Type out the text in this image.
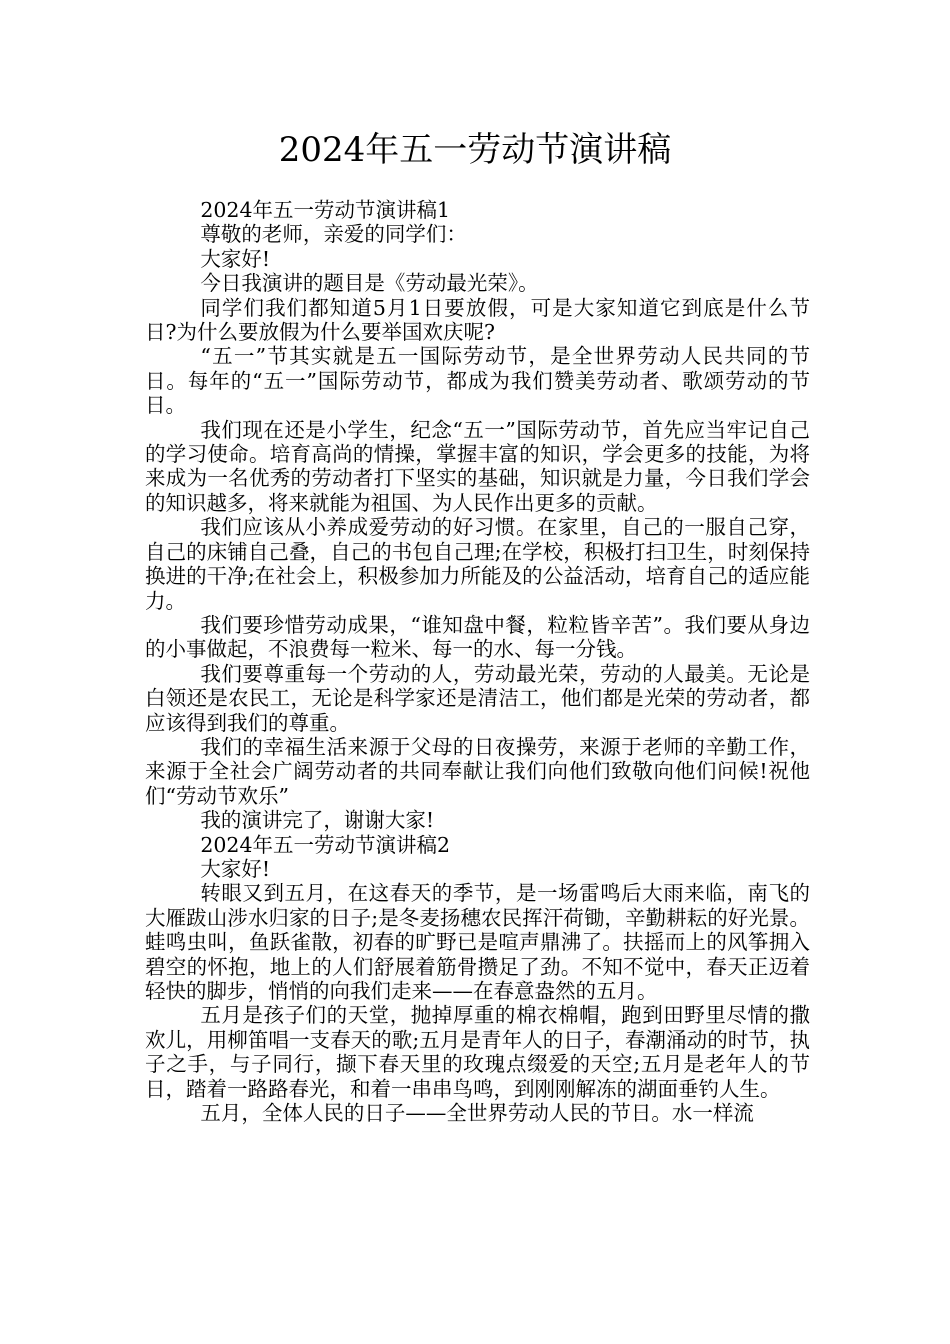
2024年五一劳动节演讲稿

2024年五一劳动节演讲稿1

尊敬的老师，亲爱的同学们：

大家好!

今日我演讲的题目是《劳动最光荣》。

同学们我们都知道5月1日要放假，可是大家知道它到底是什么节日?为什么要放假为什么要举国欢庆呢?

“五一”节其实就是五一国际劳动节，是全世界劳动人民共同的节日。每年的“五一”国际劳动节，都成为我们赞美劳动者、歌颂劳动的节日。

我们现在还是小学生，纪念“五一”国际劳动节，首先应当牢记自己的学习使命。培育高尚的情操，掌握丰富的知识，学会更多的技能，为将来成为一名优秀的劳动者打下坚实的基础，知识就是力量，今日我们学会的知识越多，将来就能为祖国、为人民作出更多的贡献。

我们应该从小养成爱劳动的好习惯。在家里，自己的一服自己穿，自己的床铺自己叠，自己的书包自己理;在学校，积极打扫卫生，时刻保持换进的干净;在社会上，积极参加力所能及的公益活动，培育自己的适应能力。

我们要珍惜劳动成果，“谁知盘中餐，粒粒皆辛苦”。我们要从身边的小事做起，不浪费每一粒米、每一的水、每一分钱。

我们要尊重每一个劳动的人，劳动最光荣，劳动的人最美。无论是白领还是农民工，无论是科学家还是清洁工，他们都是光荣的劳动者，都应该得到我们的尊重。

我们的幸福生活来源于父母的日夜操劳，来源于老师的辛勤工作，来源于全社会广阔劳动者的共同奉献让我们向他们致敬向他们问候!祝他们“劳动节欢乐”

我的演讲完了，谢谢大家!

2024年五一劳动节演讲稿2

大家好!

转眼又到五月，在这春天的季节，是一场雷鸣后大雨来临，南飞的大雁跋山涉水归家的日子;是冬麦扬穗农民挥汗荷锄，辛勤耕耘的好光景。蛙鸣虫叫，鱼跃雀散，初春的旷野已是喧声鼎沸了。扶摇而上的风筝拥入碧空的怀抱，地上的人们舒展着筋骨攒足了劲。不知不觉中，春天正迈着轻快的脚步，悄悄的向我们走来——在春意盎然的五月。

五月是孩子们的天堂，抛掉厚重的棉衣棉帽，跑到田野里尽情的撒欢儿，用柳笛唱一支春天的歌;五月是青年人的日子，春潮涌动的时节，执子之手，与子同行，撷下春天里的玫瑰点缀爱的天空;五月是老年人的节日，踏着一路路春光，和着一串串鸟鸣，到刚刚解冻的湖面垂钓人生。

五月，全体人民的日子——全世界劳动人民的节日。水一样流
